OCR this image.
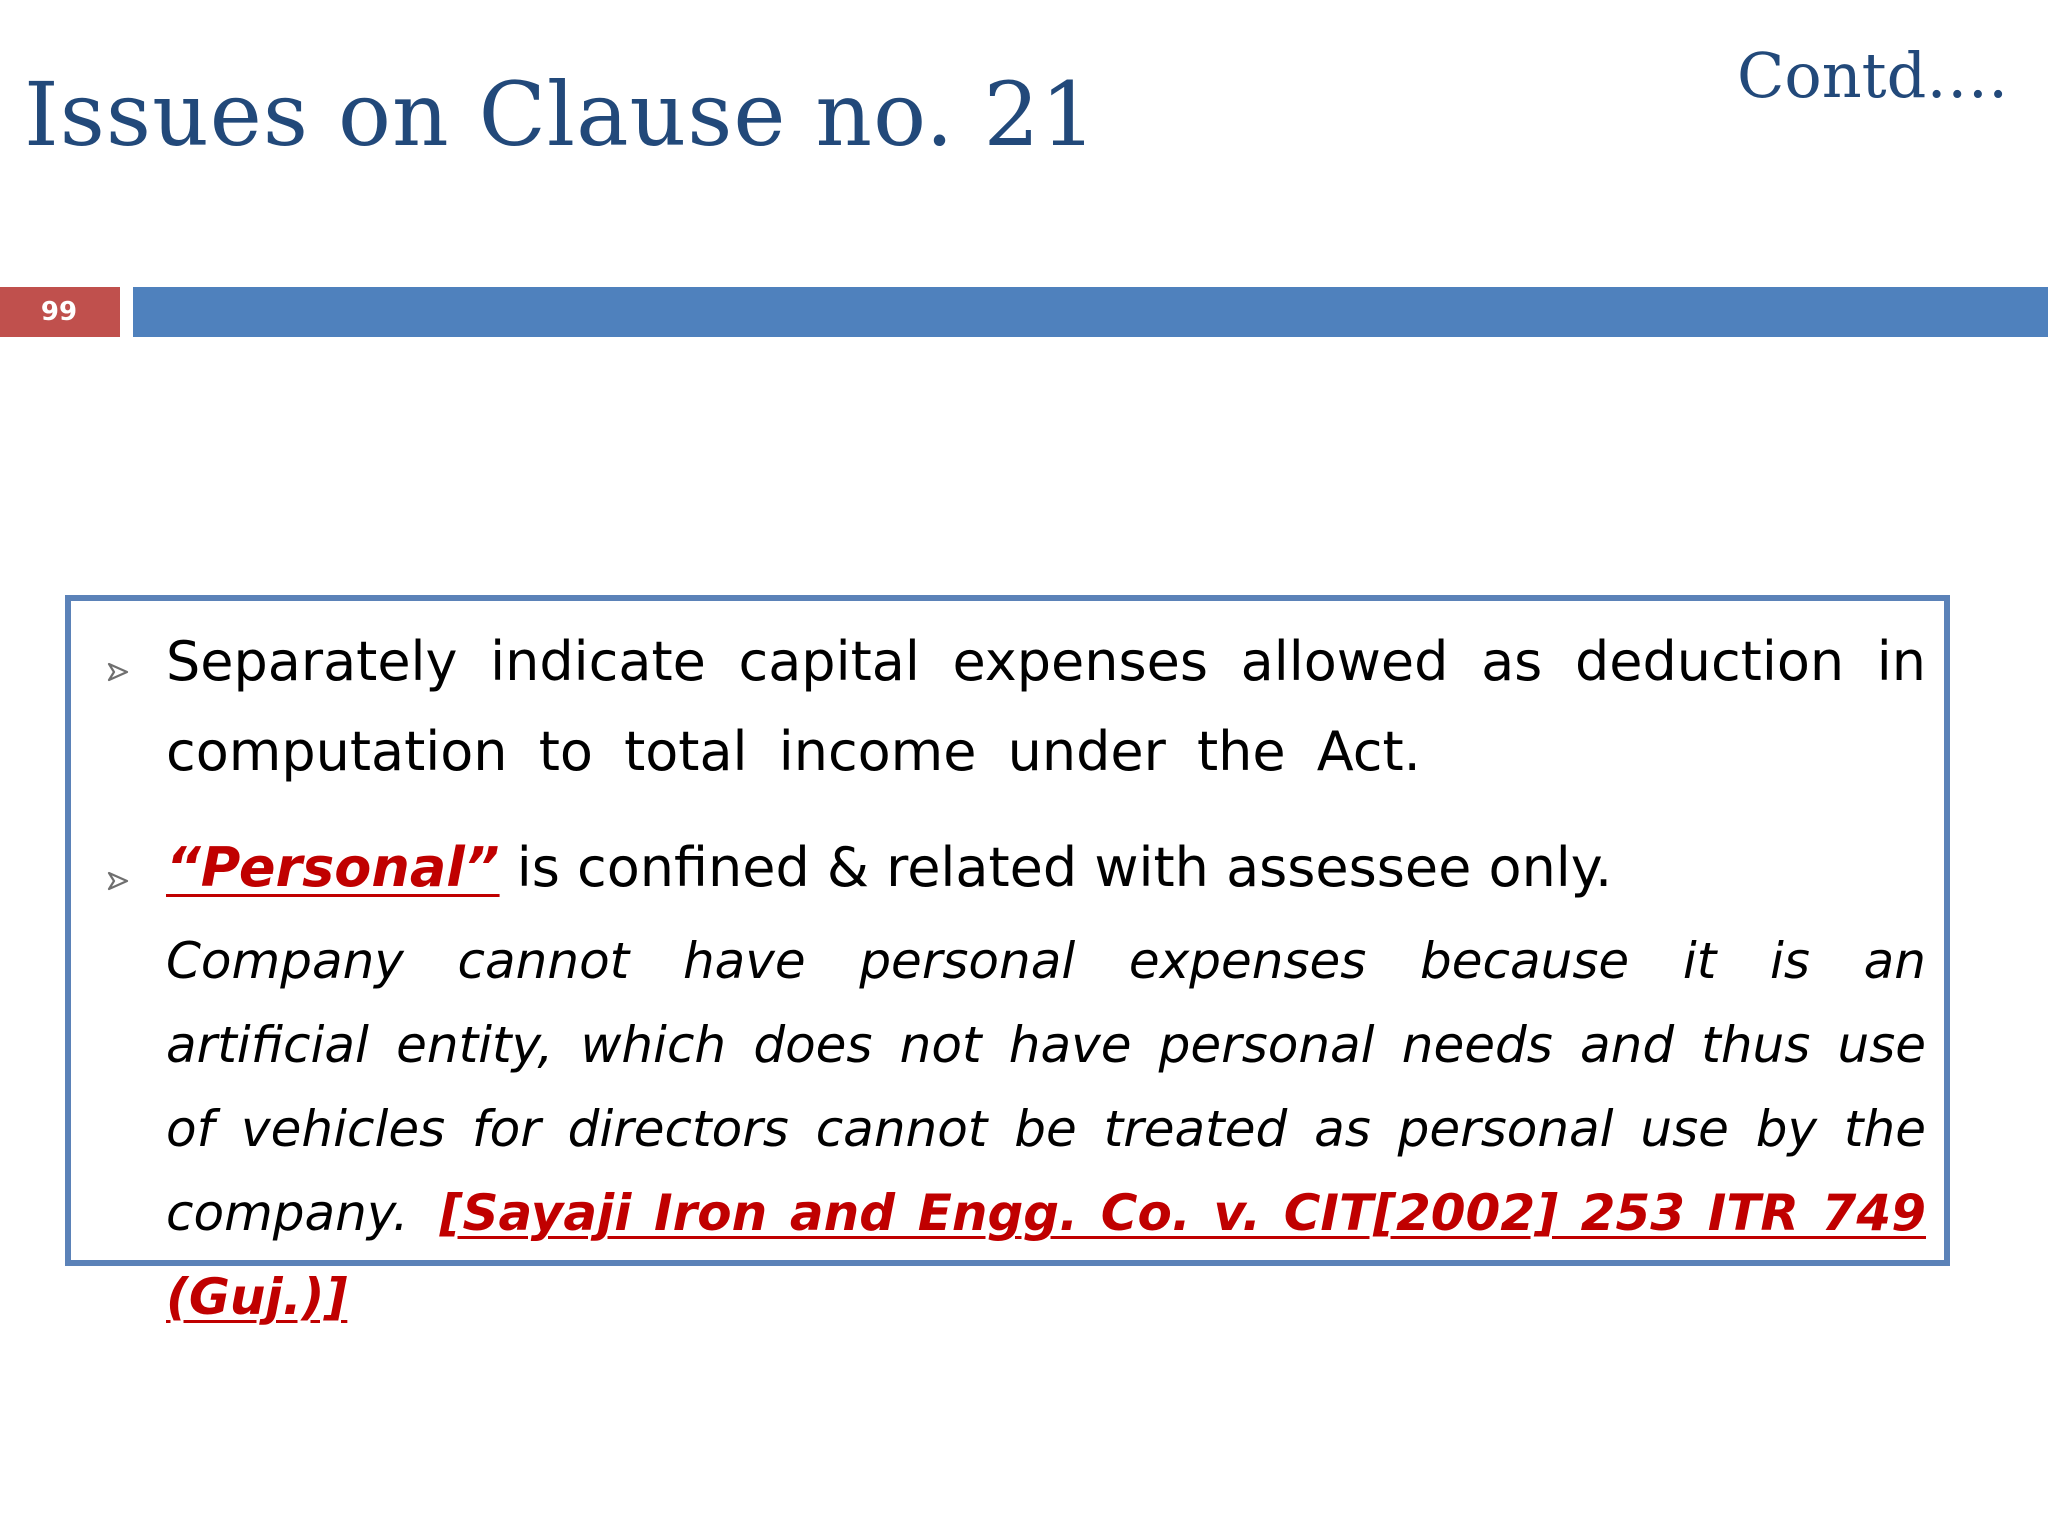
Issues on Clause no. 21	Contd….
99
Separately indicate capital expenses allowed as deduction in computation to total income under the Act.
“Personal” is confined & related with assessee only.
Company cannot have personal expenses because it is an artificial entity, which does not have personal needs and thus use of vehicles for directors cannot be treated as personal use by the company. [Sayaji Iron and Engg. Co. v. CIT[2002] 253 ITR 749 (Guj.)]
